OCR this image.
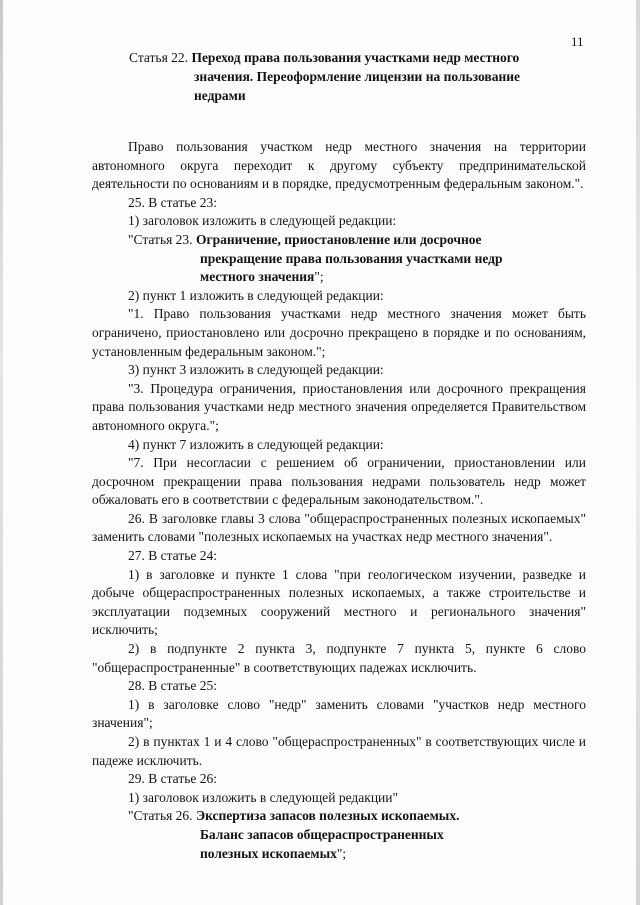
11
Статья 22. Переход права пользования участками недр местного
значения. Переоформление лицензии на пользование
недрами

Право пользования участком недр местного значения на территории автономного округа переходит к другому субъекту предпринимательской деятельности по основаниям и в порядке, предусмотренным федеральным законом.".

25. В статье 23:

1) заголовок изложить в следующей редакции:

"Статья 23. Ограничение, приостановление или досрочное
прекращение права пользования участками недр
местного значения";

2) пункт 1 изложить в следующей редакции:

"1. Право пользования участками недр местного значения может быть ограничено, приостановлено или досрочно прекращено в порядке и по основаниям, установленным федеральным законом.";

3) пункт 3 изложить в следующей редакции:

"3. Процедура ограничения, приостановления или досрочного прекращения права пользования участками недр местного значения определяется Правительством автономного округа.";

4) пункт 7 изложить в следующей редакции:

"7. При несогласии с решением об ограничении, приостановлении или досрочном прекращении права пользования недрами пользователь недр может обжаловать его в соответствии с федеральным законодательством.".

26. В заголовке главы 3 слова "общераспространенных полезных ископаемых" заменить словами "полезных ископаемых на участках недр местного значения".

27. В статье 24:

1) в заголовке и пункте 1 слова "при геологическом изучении, разведке и добыче общераспространенных полезных ископаемых, а также строительстве и эксплуатации подземных сооружений местного и регионального значения" исключить;

2) в подпункте 2 пункта 3, подпункте 7 пункта 5, пункте 6 слово "общераспространенные" в соответствующих падежах исключить.

28. В статье 25:

1) в заголовке слово "недр" заменить словами "участков недр местного значения";

2) в пунктах 1 и 4 слово "общераспространенных" в соответствующих числе и падеже исключить.

29. В статье 26:

1) заголовок изложить в следующей редакции"

"Статья 26. Экспертиза запасов полезных ископаемых.
Баланс запасов общераспространенных
полезных ископаемых";
